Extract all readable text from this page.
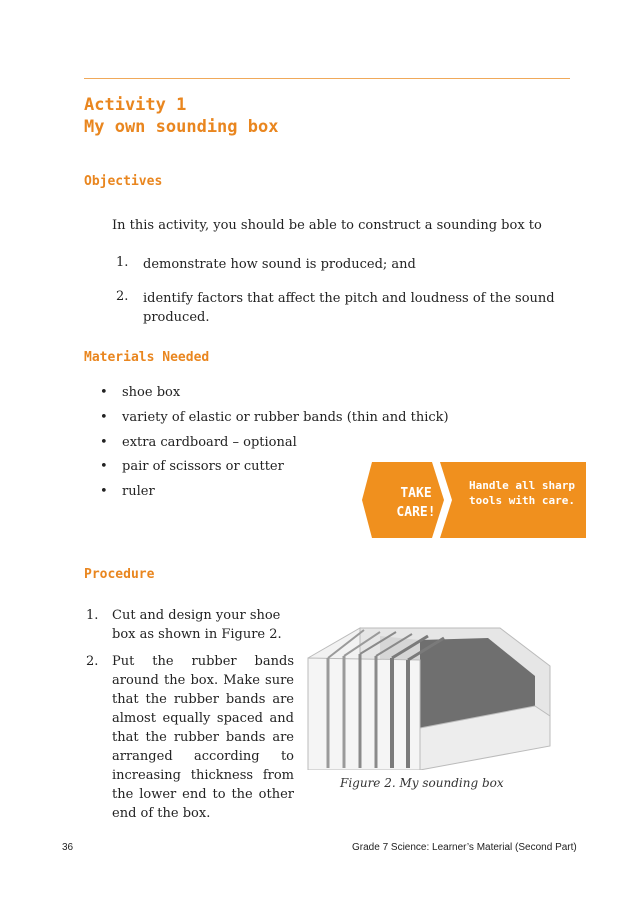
Activity 1
My own sounding box
Objectives
In this activity, you should be able to construct a sounding box to
1. demonstrate how sound is produced; and
2. identify factors that affect the pitch and loudness of the sound
produced.
Materials Needed
• shoe box
• variety of elastic or rubber bands (thin and thick)
• extra cardboard – optional
• pair of scissors or cutter
• ruler	TAKE
CARE!
Handle all sharp
tools with care.
Procedure
1. Cut and design your shoe
box as shown in Figure 2.
2. Put the rubber bands
around the box. Make sure
that the rubber bands are
almost equally spaced and
that the rubber bands are
arranged according to
increasing thickness from
the lower end to the other
end of the box.
Figure 2. My sounding box
36	Grade 7 Science: Learner’s Material (Second Part)
